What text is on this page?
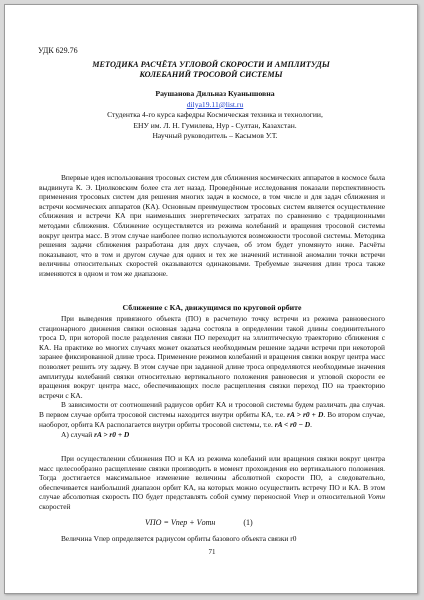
УДК 629.76
МЕТОДИКА РАСЧЁТА УГЛОВОЙ СКОРОСТИ И АМПЛИТУДЫ
КОЛЕБАНИЙ ТРОСОВОЙ СИСТЕМЫ
Раушанова Дильназ Куанышовна
dilya19.11@list.ru
Студентка 4-го курса кафедры Космическая техника и технологии,
ЕНУ им. Л. Н. Гумилева, Нур - Султан, Казахстан.
Научный руководитель – Касымов У.Т.

Впервые идея использования тросовых систем для сближения космических аппаратов в космосе была выдвинута К. Э. Циолковским более ста лет назад. Проведённые исследования показали перспективность применения тросовых систем для решения многих задач в космосе, в том числе и для задач сближения и встречи космических аппаратов (КА). Основным преимуществом тросовых систем является осуществление сближения и встречи КА при наименьших энергетических затратах по сравнению с традиционными методами сближения. Сближение осуществляется из режима колебаний и вращения тросовой системы вокруг центра масс. В этом случае наиболее полно используются возможности тросовой системы. Методика решения задачи сближения разработана для двух случаев, об этом будет упомянуто ниже. Расчёты показывают, что в том и другом случае для одних и тех же значений истинной аномалии точки встречи величины относительных скоростей оказываются одинаковыми. Требуемые значения длин троса также изменяются в одном и том же диапазоне.

Сближение с КА, движущимся по круговой орбите

При выведения привязного объекта (ПО) в расчетную точку встречи из режима равновесного стационарного движения связки основная задача состояла в определении такой длины соединительного троса D, при которой после разделения связки ПО переходит на эллиптическую траекторию сближения с КА. На практике во многих случаях может оказаться необходимым решение задачи встречи при некоторой заранее фиксированной длине троса. Применение режимов колебаний и вращения связки вокруг центра масс позволяет решить эту задачу. В этом случае при заданной длине троса определяются необходимые значения амплитуды колебаний связки относительно вертикального положения равновесия и угловой скорости ее вращения вокруг центра масс, обеспечивающих после расщепления связки переход ПО на траекторию встречи с КА.
В зависимости от соотношений радиусов орбит КА и тросовой системы будем различать два случая. В первом случае орбита тросовой системы находится внутри орбиты КА, т.е. rA > r0 + D. Во втором случае, наоборот, орбита КА располагается внутри орбиты тросовой системы, т.е. rA < r0 − D.

А) случай rA > r0 + D

При осуществлении сближения ПО и КА из режима колебаний или вращения связки вокруг центра масс целесообразно расщепление связки производить в момент прохождения ею вертикального положения. Тогда достигается максимальное изменение величины абсолютной скорости ПО, а следовательно, обеспечивается наибольший диапазон орбит КА, на которых можно осуществить встречу ПО и КА. В этом случае абсолютная скорость ПО будет представлять собой сумму переносной Vпер и относительной Vотн скоростей

VПО = Vпер + Vотн	(1)

Величина Vпер определяется радиусом орбиты базового объекта связки r0

71
